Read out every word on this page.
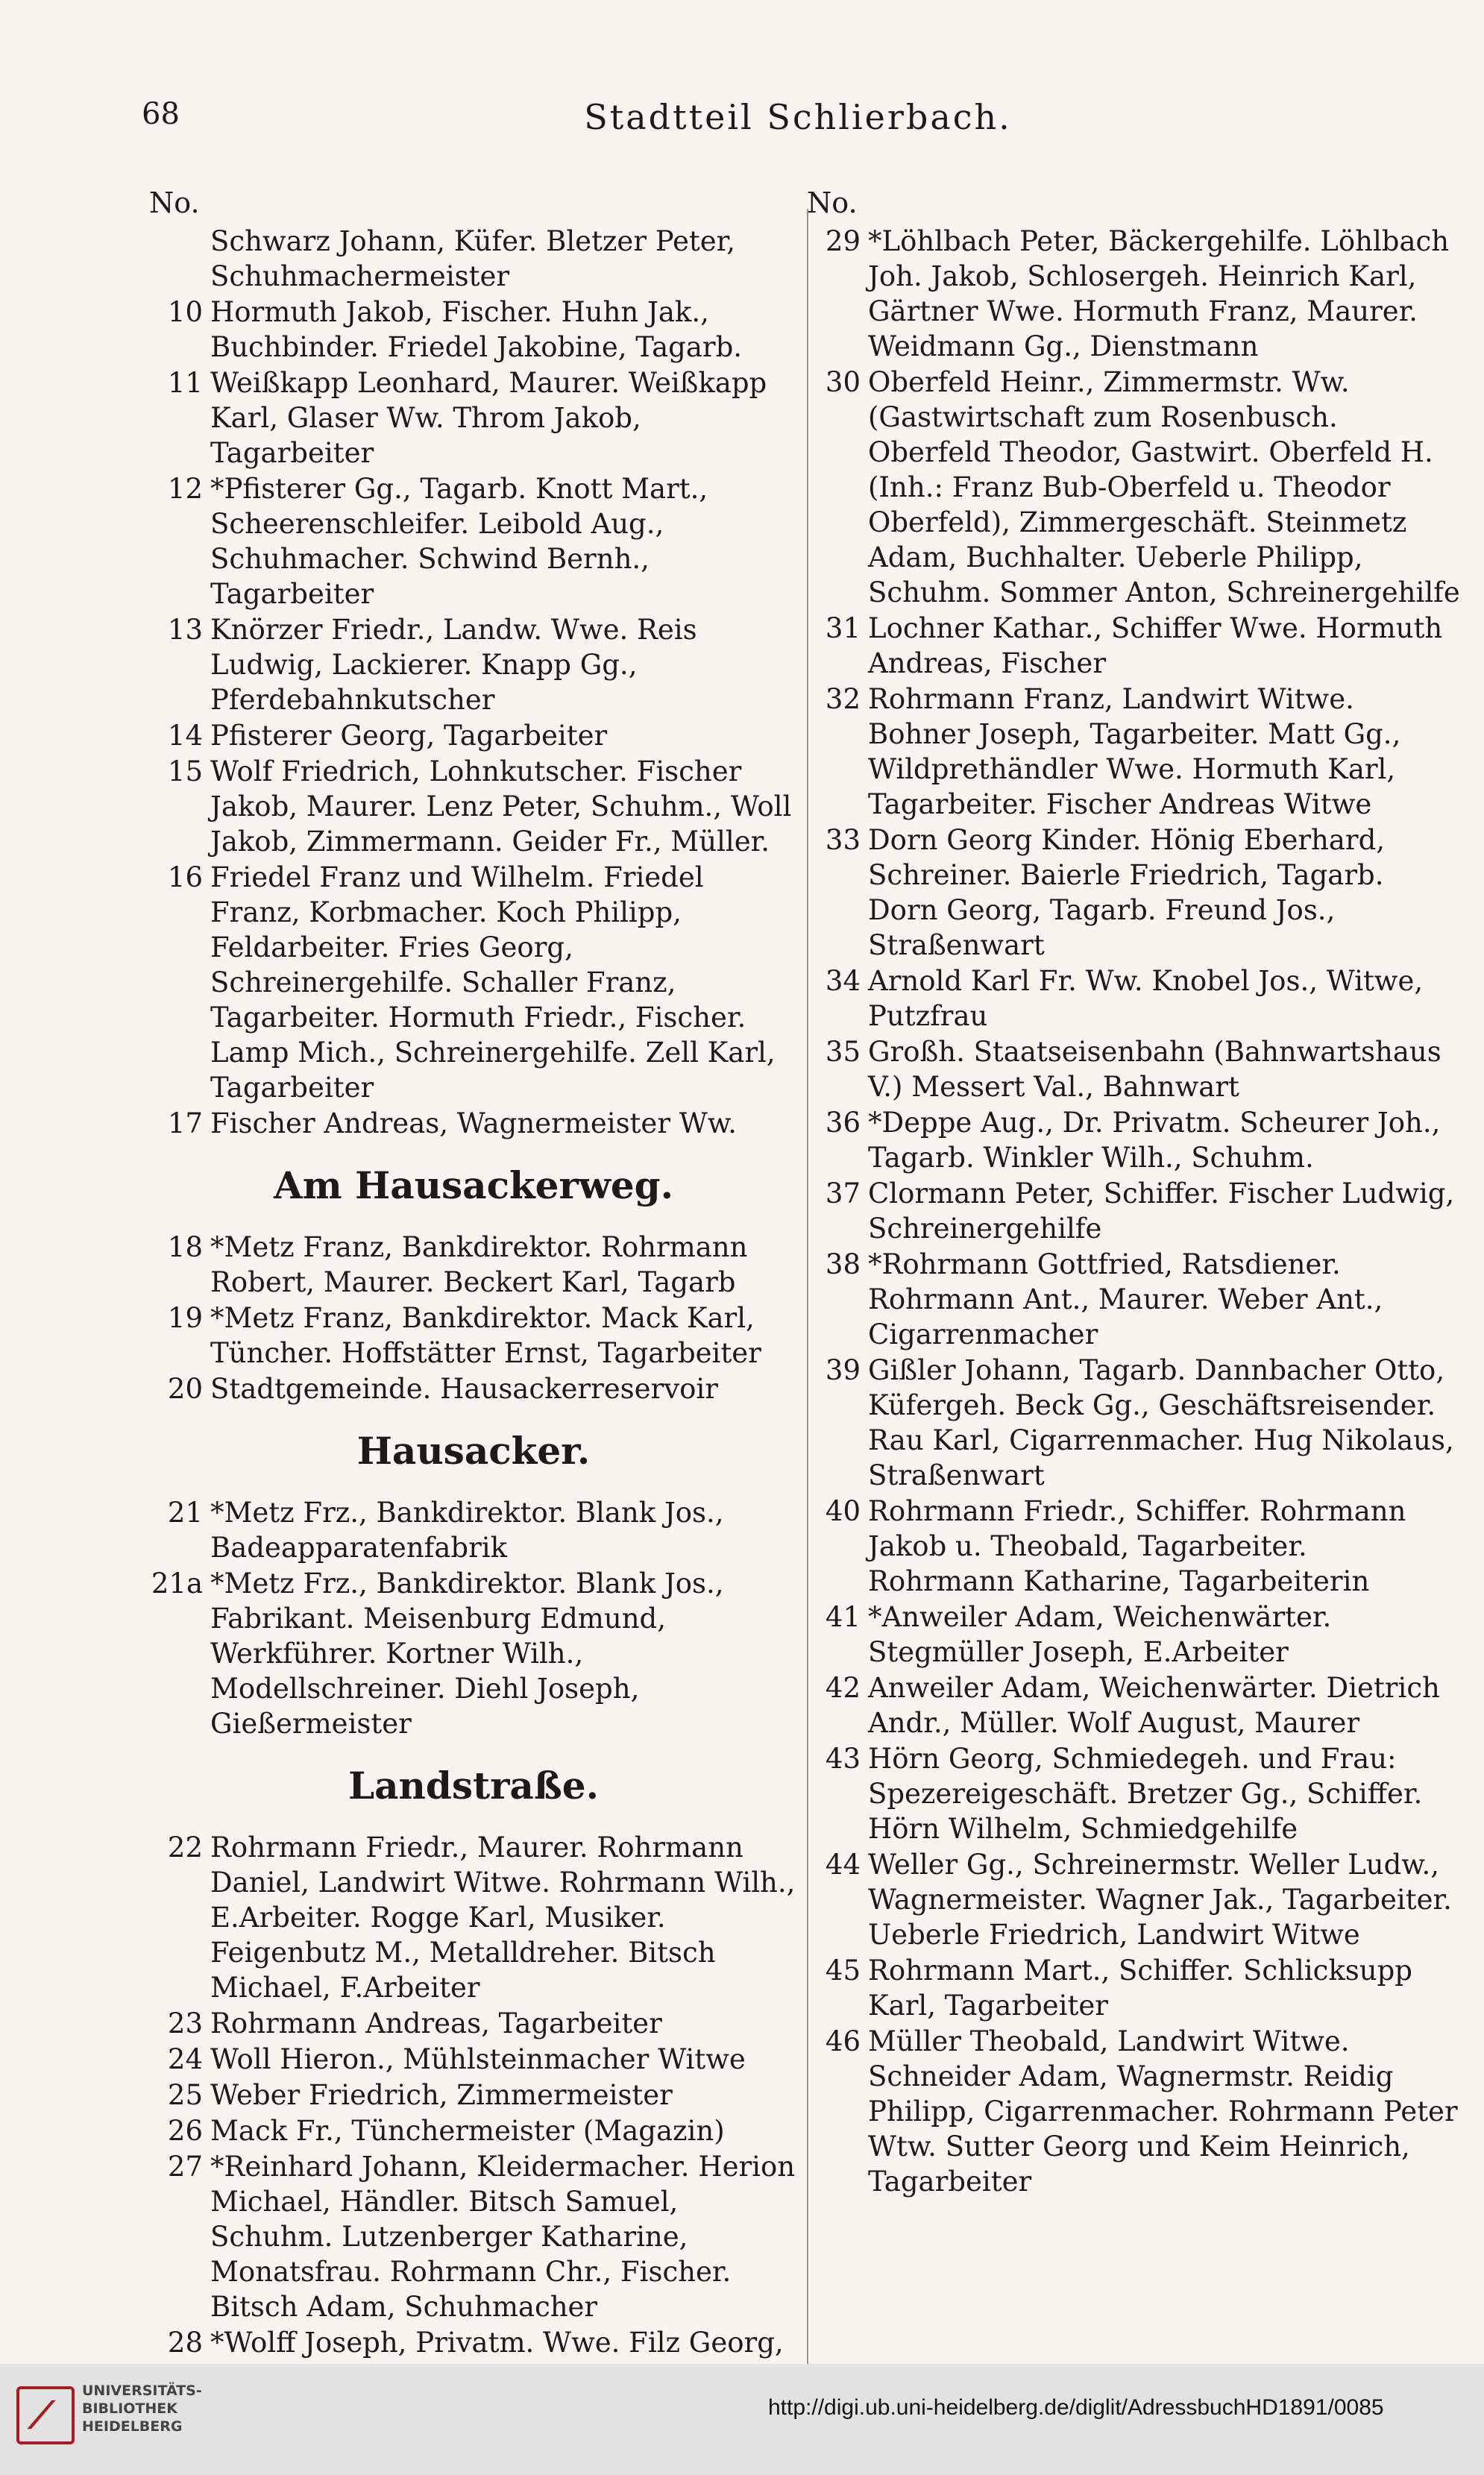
68	Stadtteil Schlierbach.
No.
Schwarz Johann, Küfer. Bletzer Peter, Schuhmachermeister
10 Hormuth Jakob, Fischer. Huhn Jak., Buchbinder. Friedel Jakobine, Tagarb.
11 Weißkapp Leonhard, Maurer. Weißkapp Karl, Glaser Ww. Throm Jakob, Tagarbeiter
12 *Pfisterer Gg., Tagarb. Knott Mart., Scheerenschleifer. Leibold Aug., Schuhmacher. Schwind Bernh., Tagarbeiter
13 Knörzer Friedr., Landw. Wwe. Reis Ludwig, Lackierer. Knapp Gg., Pferdebahnkutscher
14 Pfisterer Georg, Tagarbeiter
15 Wolf Friedrich, Lohnkutscher. Fischer Jakob, Maurer. Lenz Peter, Schuhm., Woll Jakob, Zimmermann. Geider Fr., Müller.
16 Friedel Franz und Wilhelm. Friedel Franz, Korbmacher. Koch Philipp, Feldarbeiter. Fries Georg, Schreinergehilfe. Schaller Franz, Tagarbeiter. Hormuth Friedr., Fischer. Lamp Mich., Schreinergehilfe. Zell Karl, Tagarbeiter
17 Fischer Andreas, Wagnermeister Ww.
Am Hausackerweg.
18 *Metz Franz, Bankdirektor. Rohrmann Robert, Maurer. Beckert Karl, Tagarb
19 *Metz Franz, Bankdirektor. Mack Karl, Tüncher. Hoffstätter Ernst, Tagarbeiter
20 Stadtgemeinde. Hausackerreservoir
Hausacker.
21 *Metz Frz., Bankdirektor. Blank Jos., Badeapparatenfabrik
21a *Metz Frz., Bankdirektor. Blank Jos., Fabrikant. Meisenburg Edmund, Werkführer. Kortner Wilh., Modellschreiner. Diehl Joseph, Gießermeister
Landstraße.
22 Rohrmann Friedr., Maurer. Rohrmann Daniel, Landwirt Witwe. Rohrmann Wilh., E.Arbeiter. Rogge Karl, Musiker. Feigenbutz M., Metalldreher. Bitsch Michael, F.Arbeiter
23 Rohrmann Andreas, Tagarbeiter
24 Woll Hieron., Mühlsteinmacher Witwe
25 Weber Friedrich, Zimmermeister
26 Mack Fr., Tünchermeister (Magazin)
27 *Reinhard Johann, Kleidermacher. Herion Michael, Händler. Bitsch Samuel, Schuhm. Lutzenberger Katharine, Monatsfrau. Rohrmann Chr., Fischer. Bitsch Adam, Schuhmacher
28 *Wolff Joseph, Privatm. Wwe. Filz Georg,
No.
29 *Löhlbach Peter, Bäckergehilfe. Löhlbach Joh. Jakob, Schlosergeh. Heinrich Karl, Gärtner Wwe. Hormuth Franz, Maurer. Weidmann Gg., Dienstmann
30 Oberfeld Heinr., Zimmermstr. Ww. (Gastwirtschaft zum Rosenbusch. Oberfeld Theodor, Gastwirt. Oberfeld H. (Inh.: Franz Bub-Oberfeld u. Theodor Oberfeld), Zimmergeschäft. Steinmetz Adam, Buchhalter. Ueberle Philipp, Schuhm. Sommer Anton, Schreinergehilfe
31 Lochner Kathar., Schiffer Wwe. Hormuth Andreas, Fischer
32 Rohrmann Franz, Landwirt Witwe. Bohner Joseph, Tagarbeiter. Matt Gg., Wildprethändler Wwe. Hormuth Karl, Tagarbeiter. Fischer Andreas Witwe
33 Dorn Georg Kinder. Hönig Eberhard, Schreiner. Baierle Friedrich, Tagarb. Dorn Georg, Tagarb. Freund Jos., Straßenwart
34 Arnold Karl Fr. Ww. Knobel Jos., Witwe, Putzfrau
35 Großh. Staatseisenbahn (Bahnwartshaus V.) Messert Val., Bahnwart
36 *Deppe Aug., Dr. Privatm. Scheurer Joh., Tagarb. Winkler Wilh., Schuhm.
37 Clormann Peter, Schiffer. Fischer Ludwig, Schreinergehilfe
38 *Rohrmann Gottfried, Ratsdiener. Rohrmann Ant., Maurer. Weber Ant., Cigarrenmacher
39 Gißler Johann, Tagarb. Dannbacher Otto, Küfergeh. Beck Gg., Geschäftsreisender. Rau Karl, Cigarrenmacher. Hug Nikolaus, Straßenwart
40 Rohrmann Friedr., Schiffer. Rohrmann Jakob u. Theobald, Tagarbeiter. Rohrmann Katharine, Tagarbeiterin
41 *Anweiler Adam, Weichenwärter. Stegmüller Joseph, E.Arbeiter
42 Anweiler Adam, Weichenwärter. Dietrich Andr., Müller. Wolf August, Maurer
43 Hörn Georg, Schmiedegeh. und Frau: Spezereigeschäft. Bretzer Gg., Schiffer. Hörn Wilhelm, Schmiedgehilfe
44 Weller Gg., Schreinermstr. Weller Ludw., Wagnermeister. Wagner Jak., Tagarbeiter. Ueberle Friedrich, Landwirt Witwe
45 Rohrmann Mart., Schiffer. Schlicksupp Karl, Tagarbeiter
46 Müller Theobald, Landwirt Witwe. Schneider Adam, Wagnermstr. Reidig Philipp, Cigarrenmacher. Rohrmann Peter Wtw. Sutter Georg und Keim Heinrich, Tagarbeiter
⟋
UNIVERSITÄTS-
BIBLIOTHEK
HEIDELBERG
http://digi.ub.uni-heidelberg.de/diglit/AdressbuchHD1891/0085
